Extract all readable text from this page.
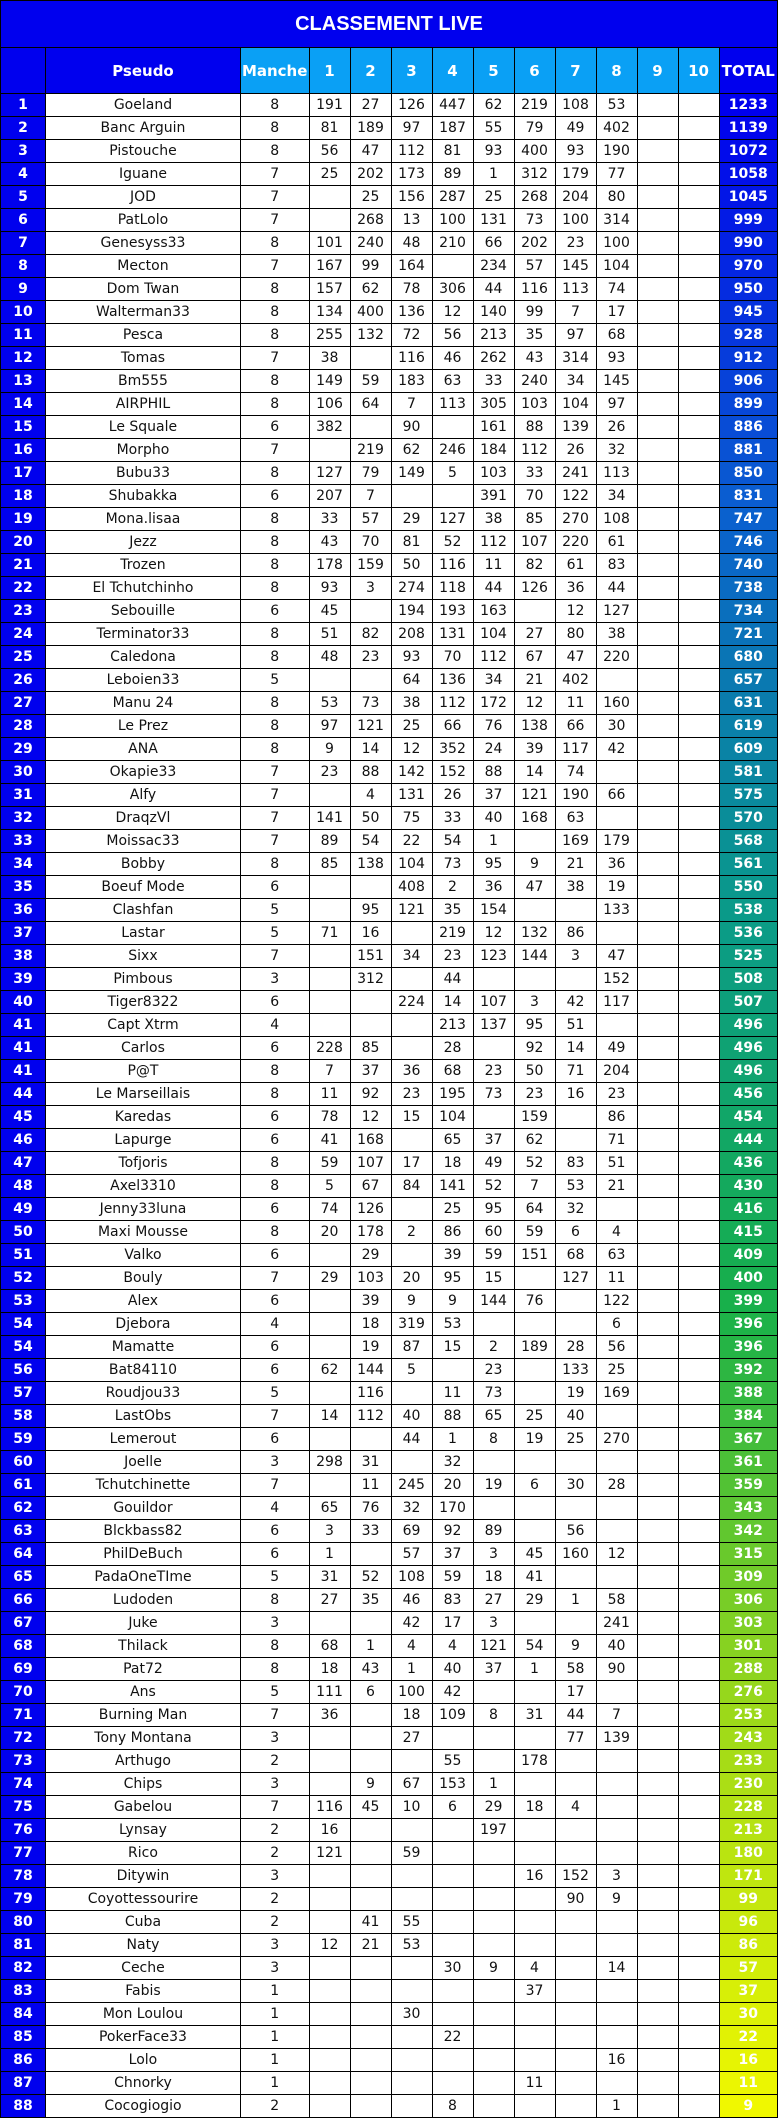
CLASSEMENT LIVE													
	Pseudo	Manche	1	2	3	4	5	6	7	8	9	10	TOTAL
1	Goeland	8	191	27	126	447	62	219	108	53			1233
2	Banc Arguin	8	81	189	97	187	55	79	49	402			1139
3	Pistouche	8	56	47	112	81	93	400	93	190			1072
4	Iguane	7	25	202	173	89	1	312	179	77			1058
5	JOD	7		25	156	287	25	268	204	80			1045
6	PatLolo	7		268	13	100	131	73	100	314			999
7	Genesyss33	8	101	240	48	210	66	202	23	100			990
8	Mecton	7	167	99	164		234	57	145	104			970
9	Dom Twan	8	157	62	78	306	44	116	113	74			950
10	Walterman33	8	134	400	136	12	140	99	7	17			945
11	Pesca	8	255	132	72	56	213	35	97	68			928
12	Tomas	7	38		116	46	262	43	314	93			912
13	Bm555	8	149	59	183	63	33	240	34	145			906
14	AIRPHIL	8	106	64	7	113	305	103	104	97			899
15	Le Squale	6	382		90		161	88	139	26			886
16	Morpho	7		219	62	246	184	112	26	32			881
17	Bubu33	8	127	79	149	5	103	33	241	113			850
18	Shubakka	6	207	7			391	70	122	34			831
19	Mona.lisaa	8	33	57	29	127	38	85	270	108			747
20	Jezz	8	43	70	81	52	112	107	220	61			746
21	Trozen	8	178	159	50	116	11	82	61	83			740
22	El Tchutchinho	8	93	3	274	118	44	126	36	44			738
23	Sebouille	6	45		194	193	163		12	127			734
24	Terminator33	8	51	82	208	131	104	27	80	38			721
25	Caledona	8	48	23	93	70	112	67	47	220			680
26	Leboien33	5			64	136	34	21	402				657
27	Manu 24	8	53	73	38	112	172	12	11	160			631
28	Le Prez	8	97	121	25	66	76	138	66	30			619
29	ANA	8	9	14	12	352	24	39	117	42			609
30	Okapie33	7	23	88	142	152	88	14	74				581
31	Alfy	7		4	131	26	37	121	190	66			575
32	DraqzVl	7	141	50	75	33	40	168	63				570
33	Moissac33	7	89	54	22	54	1		169	179			568
34	Bobby	8	85	138	104	73	95	9	21	36			561
35	Boeuf Mode	6			408	2	36	47	38	19			550
36	Clashfan	5		95	121	35	154			133			538
37	Lastar	5	71	16		219	12	132	86				536
38	Sixx	7		151	34	23	123	144	3	47			525
39	Pimbous	3		312		44				152			508
40	Tiger8322	6			224	14	107	3	42	117			507
41	Capt Xtrm	4				213	137	95	51				496
41	Carlos	6	228	85		28		92	14	49			496
41	P@T	8	7	37	36	68	23	50	71	204			496
44	Le Marseillais	8	11	92	23	195	73	23	16	23			456
45	Karedas	6	78	12	15	104		159		86			454
46	Lapurge	6	41	168		65	37	62		71			444
47	Tofjoris	8	59	107	17	18	49	52	83	51			436
48	Axel3310	8	5	67	84	141	52	7	53	21			430
49	Jenny33luna	6	74	126		25	95	64	32				416
50	Maxi Mousse	8	20	178	2	86	60	59	6	4			415
51	Valko	6		29		39	59	151	68	63			409
52	Bouly	7	29	103	20	95	15		127	11			400
53	Alex	6		39	9	9	144	76		122			399
54	Djebora	4		18	319	53				6			396
54	Mamatte	6		19	87	15	2	189	28	56			396
56	Bat84110	6	62	144	5		23		133	25			392
57	Roudjou33	5		116		11	73		19	169			388
58	LastObs	7	14	112	40	88	65	25	40				384
59	Lemerout	6			44	1	8	19	25	270			367
60	Joelle	3	298	31		32							361
61	Tchutchinette	7		11	245	20	19	6	30	28			359
62	Gouildor	4	65	76	32	170							343
63	Blckbass82	6	3	33	69	92	89		56				342
64	PhilDeBuch	6	1		57	37	3	45	160	12			315
65	PadaOneTIme	5	31	52	108	59	18	41					309
66	Ludoden	8	27	35	46	83	27	29	1	58			306
67	Juke	3			42	17	3			241			303
68	Thilack	8	68	1	4	4	121	54	9	40			301
69	Pat72	8	18	43	1	40	37	1	58	90			288
70	Ans	5	111	6	100	42			17				276
71	Burning Man	7	36		18	109	8	31	44	7			253
72	Tony Montana	3			27				77	139			243
73	Arthugo	2				55		178					233
74	Chips	3		9	67	153	1						230
75	Gabelou	7	116	45	10	6	29	18	4				228
76	Lynsay	2	16				197						213
77	Rico	2	121		59								180
78	Ditywin	3						16	152	3			171
79	Coyottessourire	2							90	9			99
80	Cuba	2		41	55								96
81	Naty	3	12	21	53								86
82	Ceche	3				30	9	4		14			57
83	Fabis	1						37					37
84	Mon Loulou	1			30								30
85	PokerFace33	1				22							22
86	Lolo	1								16			16
87	Chnorky	1						11					11
88	Cocogiogio	2				8				1			9
